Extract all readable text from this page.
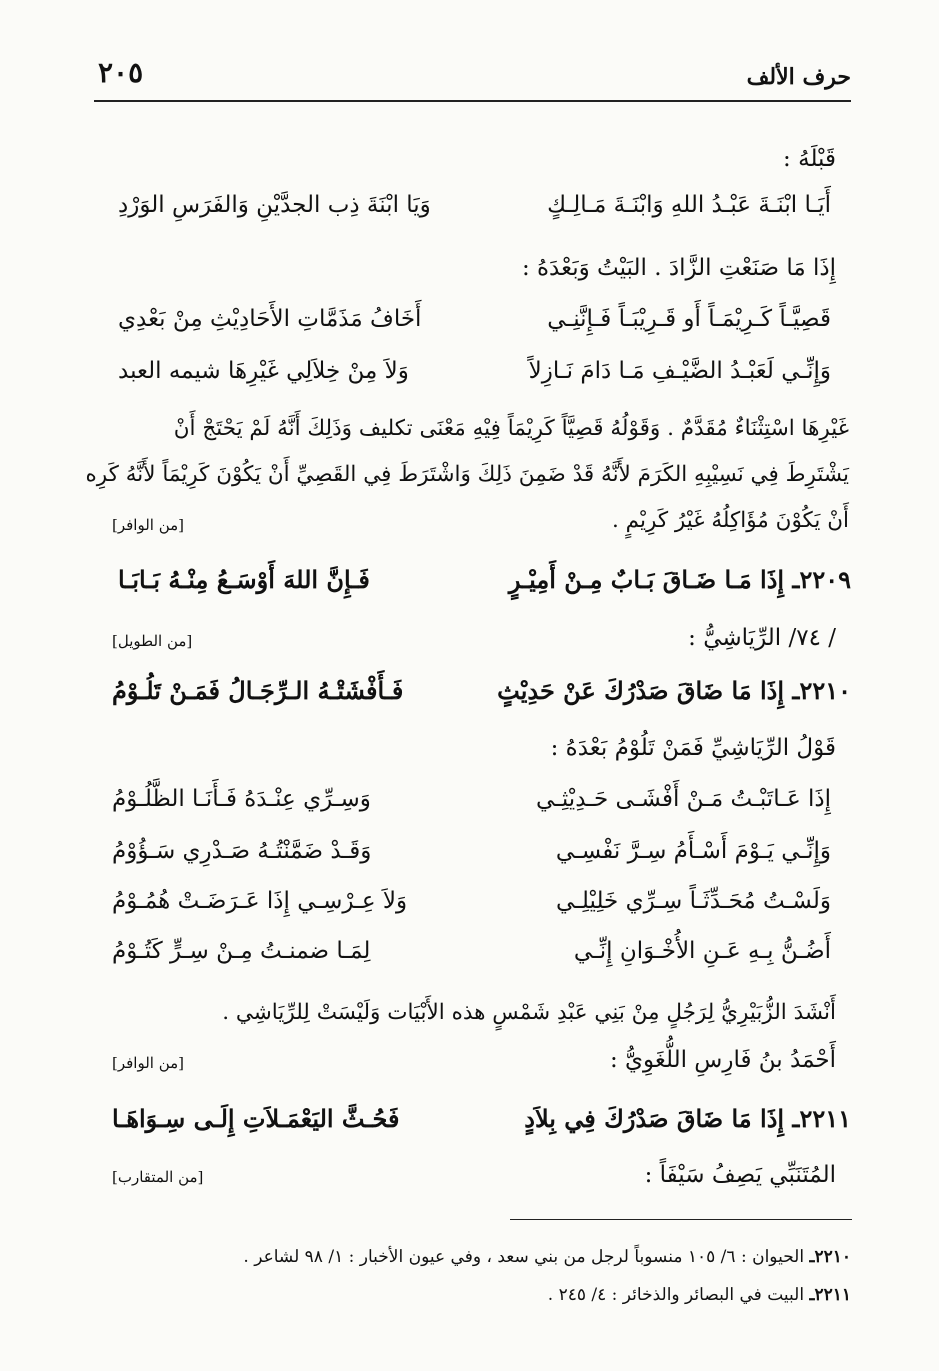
٢٠٥	حرف الألف
قَبْلَهُ :
أَيَـا ابْنَـةَ عَبْـدُ اللهِ وَابْنَـةَ مَـالِـكٍ
وَيَا ابْنَةَ ذِب الجدَّيْنِ وَالفَرَسِ الوَرْدِ
إِذَا مَا صَنَعْتِ الزَّادَ . البَيْتُ وَبَعْدَهُ :
قَصِيَّـاً كَـرِيْمَـاً أَو قَـرِيْبَـاً فَـإِنَّنِـي
أَخَافُ مَذَمَّاتِ الأَحَادِيْثِ مِنْ بَعْدِي
وَإِنِّـي لَعَبْـدُ الضَّيْـفِ مَـا دَامَ نَـازِلاً
وَلاَ مِنْ خِلاَلِي غَيْرِهَا شيمه العبد
غَيْرِهَا اسْتِثْنَاءٌ مُقَدَّمٌ . وَقَوْلُهُ قَصِيَّاً كَرِيْمَاً فِيْهِ مَعْنَى تكليف وَذَلِكَ أَنَّهُ لَمْ يَحْتَجْ أَنْ
يَشْتَرِطَ فِي نَسِيْبِهِ الكَرَمَ لأَنَّهُ قَدْ ضَمِنَ ذَلِكَ وَاشْتَرَطَ فِي القَصِيِّ أَنْ يَكُوْنَ كَرِيْمَاً لأَنَّهُ كَرِه
أَنْ يَكُوْنَ مُؤَاكِلُهُ غَيْرُ كَرِيْمٍ .
[من الوافر]
٢٢٠٩ـ إِذَا مَـا ضَـاقَ بَـابٌ مِـنْ أَمِيْـرٍ
فَـإِنَّ اللهَ أَوْسَـعُ مِنْـهُ بَـابَـا
/ ٧٤/ الرِّيَاشِيُّ :
[من الطويل]
٢٢١٠ـ إِذَا مَا ضَاقَ صَدْرُكَ عَنْ حَدِيْثٍ
فَـأَفْشَتْـهُ الـرِّجَـالُ فَمَـنْ تَلُـوْمُ
قَوْلُ الرِّيَاشِيِّ فَمَنْ تَلُوْمُ بَعْدَهُ :
إِذَا عَـاتَبْـتُ مَـنْ أَفْشَـى حَـدِيْثِـي
وَسِـرِّي عِنْـدَهُ فَـأَنَـا الظَّلُـوْمُ
وَإِنِّـي يَـوْمَ أَسْـأَمُ سِـرَّ نَفْسِـي
وَقَـدْ ضَمَّنْتُـهُ صَـدْرِي سَـؤُوْمُ
وَلَسْـتُ مُحَـدِّثَـاً سِـرِّي خَلِيْلِـي
وَلاَ عِـرْسِـي إِذَا عَـرَضَـتْ هُمُـوْمُ
أَضُـنُّ بِـهِ عَـنِ الأُخْـوَانِ إِنِّـي
لِمَـا ضمنـتُ مِـنْ سِـرٍّ كَتُـوْمُ
أَنْشَدَ الزُّبَيْرِيُّ لِرَجُلٍ مِنْ بَنِي عَبْدِ شَمْسٍ هذه الأَبْيَات وَلَيْسَتْ لِلرِّيَاشِي .
أَحْمَدُ بنُ فَارِسِ اللُّغَوِيُّ :
[من الوافر]
٢٢١١ـ إِذَا مَا ضَاقَ صَدْرُكَ فِي بِلاَدٍ
فَحُـثَّ اليَعْمَـلاَتِ إِلَـى سِـوَاهَـا
المُتَنَبِّي يَصِفُ سَيْفَاً :
[من المتقارب]
٢٢١٠ـ الحيوان : ٦/ ١٠٥ منسوباً لرجل من بني سعد ، وفي عيون الأخبار : ١/ ٩٨ لشاعر .
٢٢١١ـ البيت في البصائر والذخائر : ٤/ ٢٤٥ .
